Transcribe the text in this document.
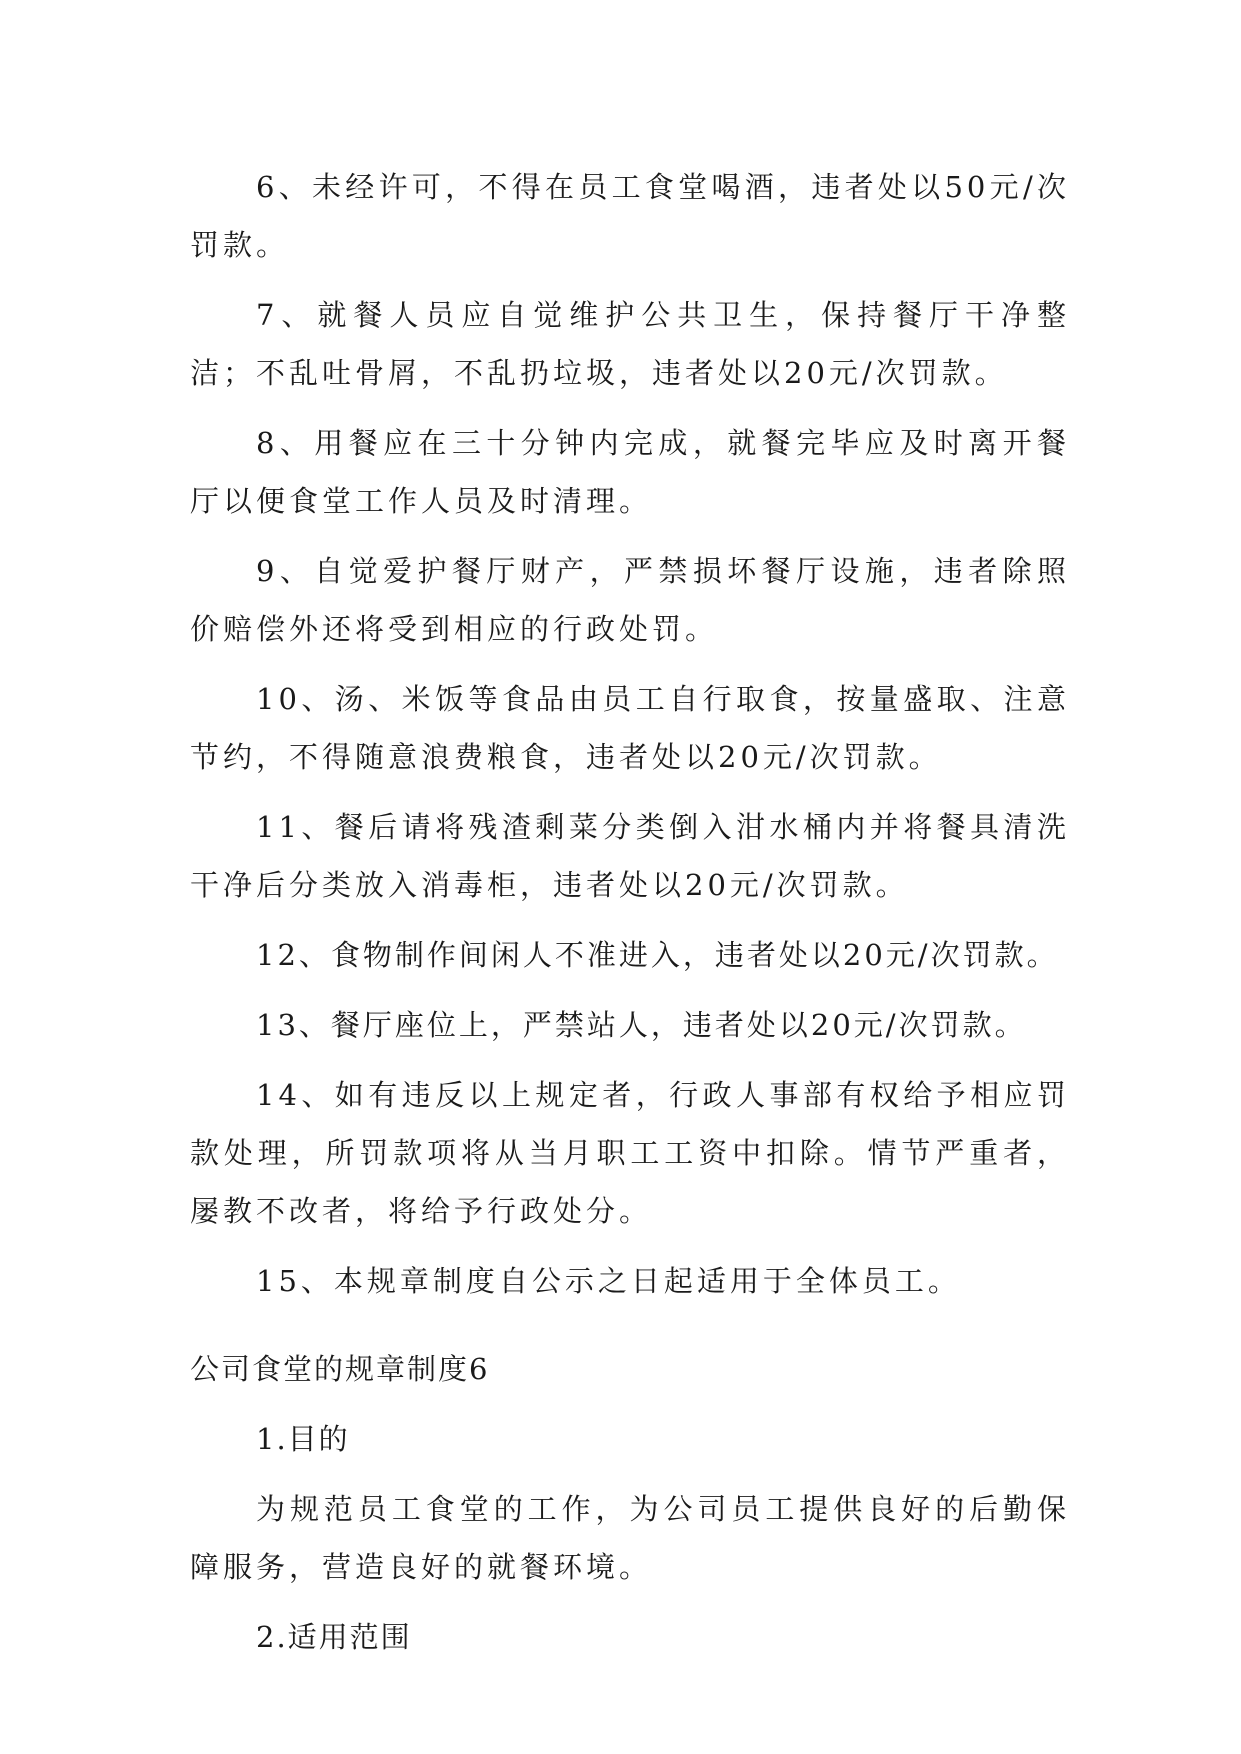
6、未经许可，不得在员工食堂喝酒，违者处以50元/次罚款。

7、就餐人员应自觉维护公共卫生，保持餐厅干净整洁；不乱吐骨屑，不乱扔垃圾，违者处以20元/次罚款。

8、用餐应在三十分钟内完成，就餐完毕应及时离开餐厅以便食堂工作人员及时清理。

9、自觉爱护餐厅财产，严禁损坏餐厅设施，违者除照价赔偿外还将受到相应的行政处罚。

10、汤、米饭等食品由员工自行取食，按量盛取、注意节约，不得随意浪费粮食，违者处以20元/次罚款。

11、餐后请将残渣剩菜分类倒入泔水桶内并将餐具清洗干净后分类放入消毒柜，违者处以20元/次罚款。

12、食物制作间闲人不准进入，违者处以20元/次罚款。

13、餐厅座位上，严禁站人，违者处以20元/次罚款。

14、如有违反以上规定者，行政人事部有权给予相应罚款处理，所罚款项将从当月职工工资中扣除。情节严重者，屡教不改者，将给予行政处分。

15、本规章制度自公示之日起适用于全体员工。

公司食堂的规章制度6
1.目的

为规范员工食堂的工作，为公司员工提供良好的后勤保障服务，营造良好的就餐环境。

2.适用范围
